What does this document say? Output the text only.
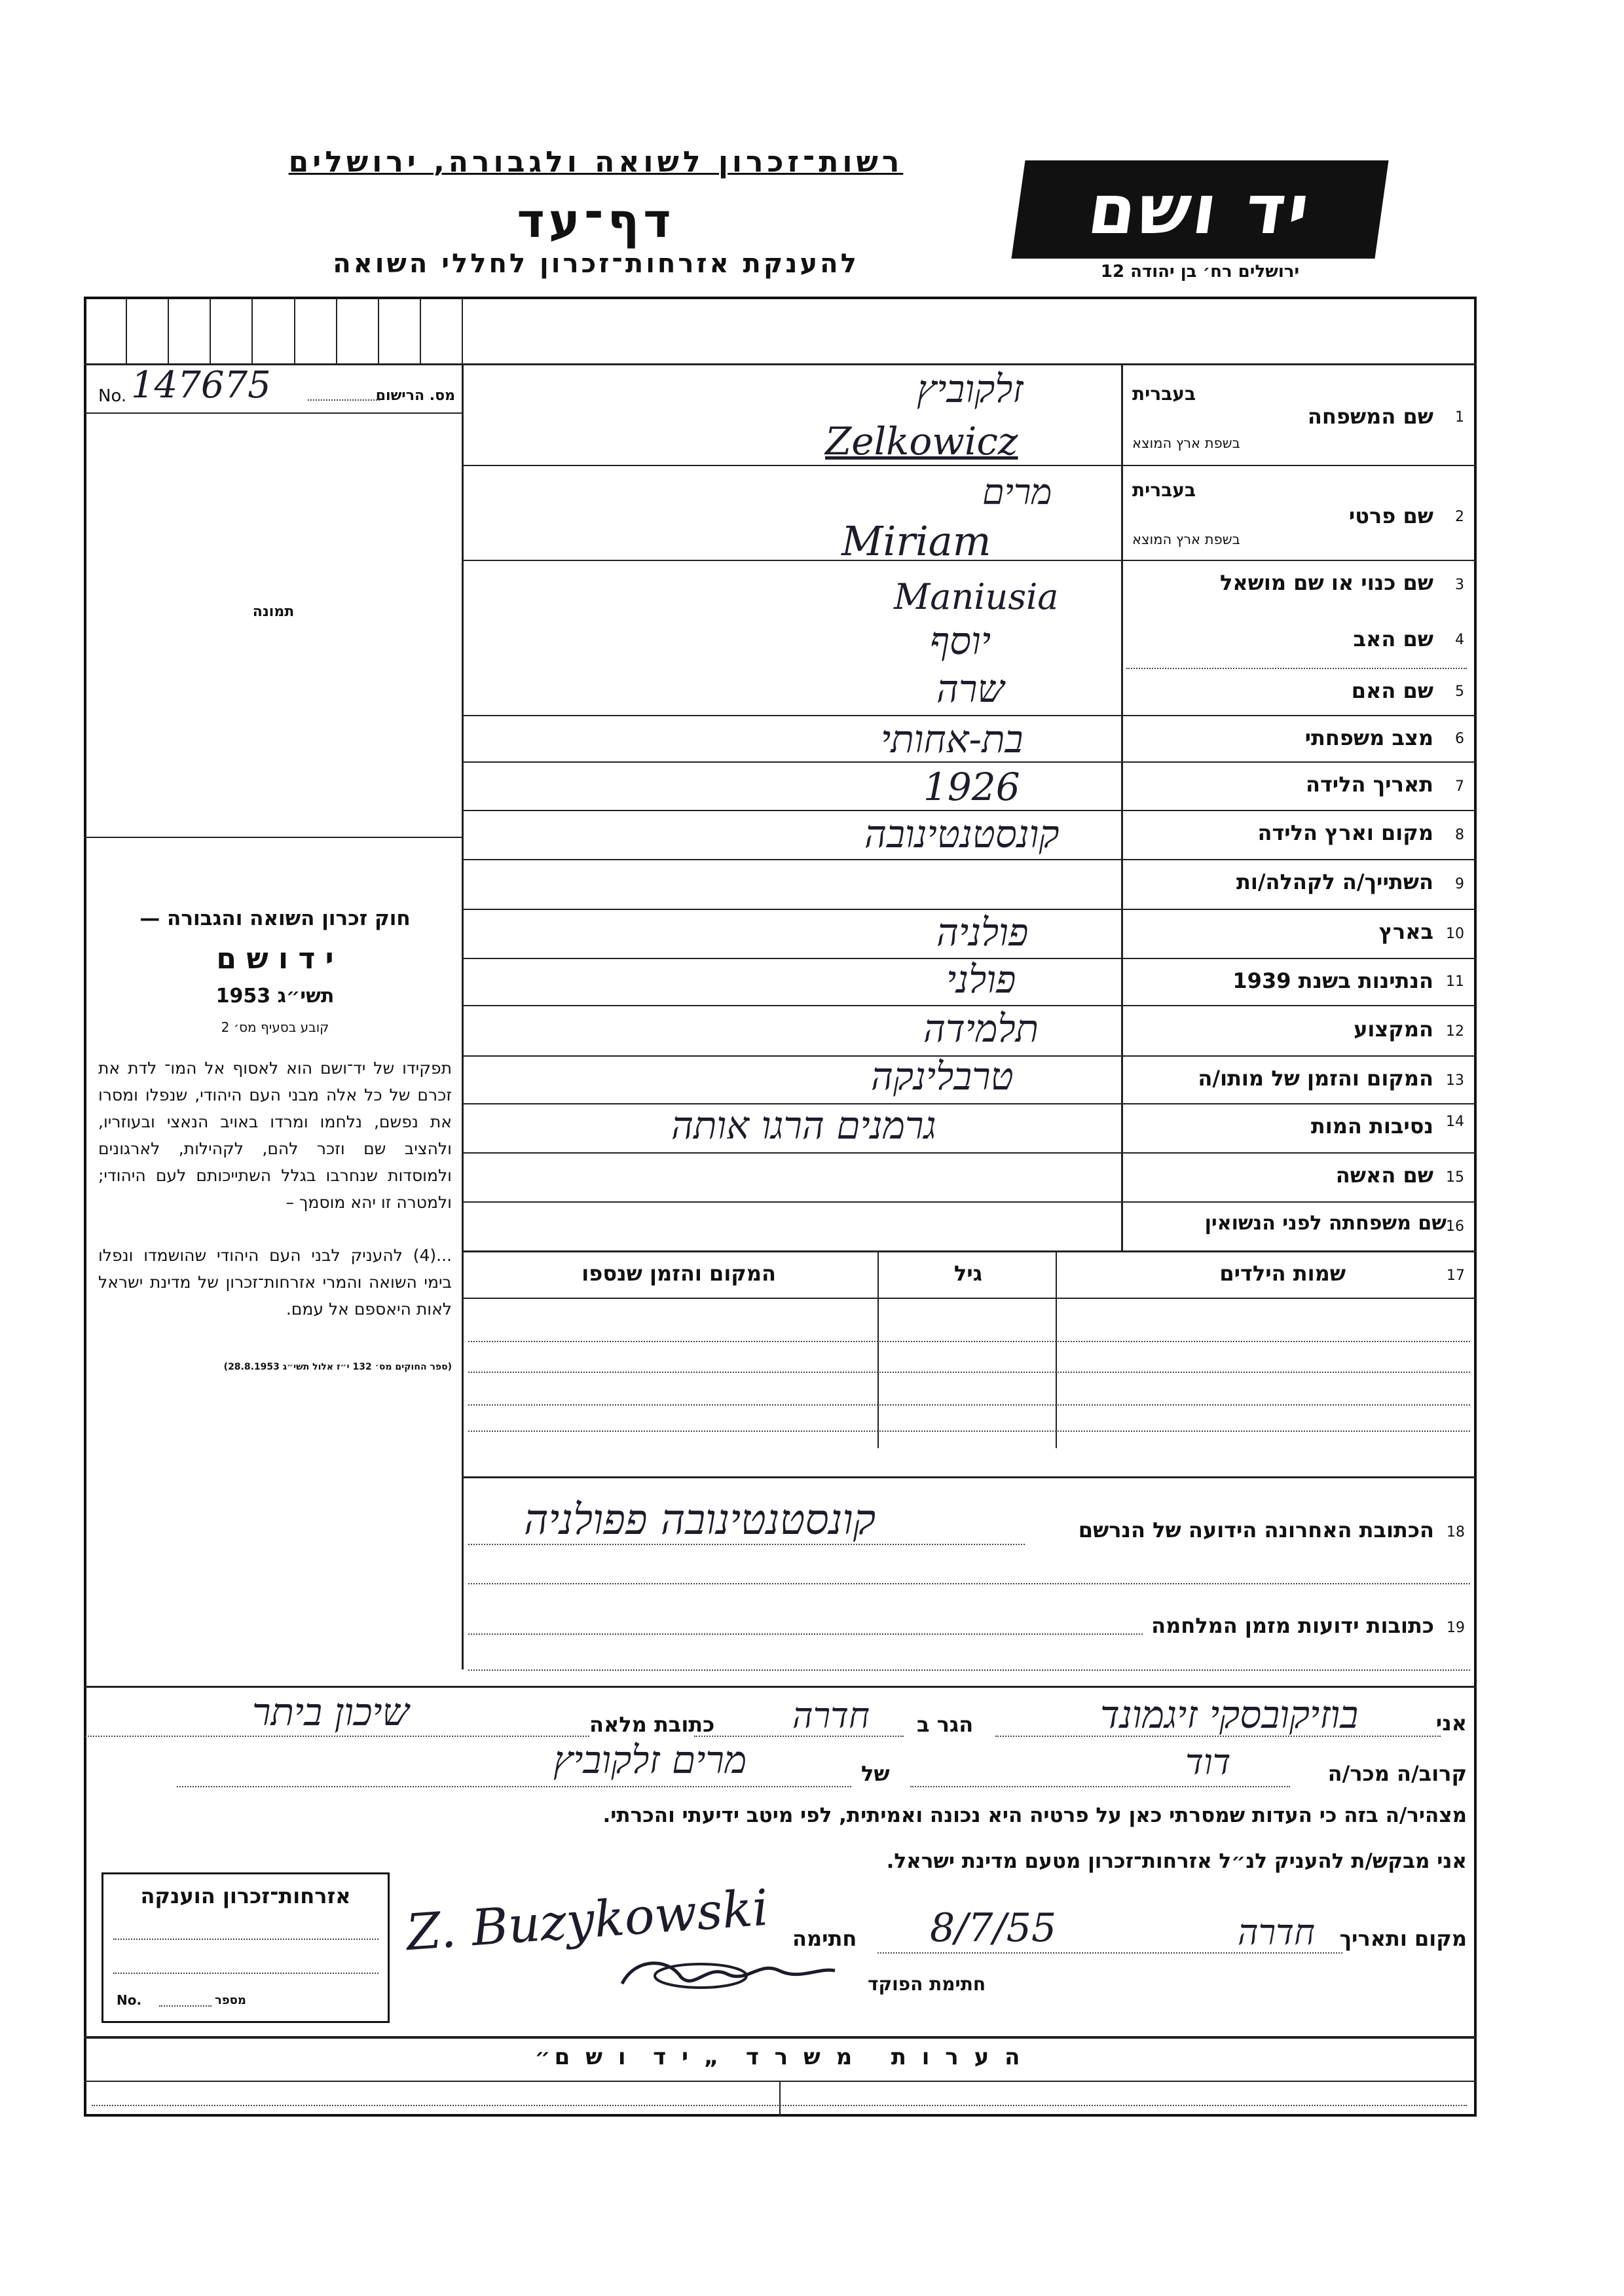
רשות־זכרון לשואה ולגבורה, ירושלים
דף־עד
להענקת אזרחות־זכרון לחללי השואה
יד ושם
ירושלים רח׳ בן יהודה 12
No. 147675	מס. הרישום
תמונה

חוק זכרון השואה והגבורה —

י ד ו ש ם

תשי״ג 1953

קובע בסעיף מס׳ 2

תפקידו של יד־ושם הוא לאסוף אל המו־ לדת את זכרם של כל אלה מבני העם היהודי, שנפלו ומסרו את נפשם, נלחמו ומרדו באויב הנאצי ובעוזריו, ולהציב שם וזכר להם, לקהילות, לארגונים ולמוסדות שנחרבו בגלל השתייכותם לעם היהודי; ולמטרה זו יהא מוסמך –

...(4) להעניק לבני העם היהודי שהושמדו ונפלו בימי השואה והמרי אזרחות־זכרון של מדינת ישראל לאות היאספם אל עמם.

(ספר החוקים מס׳ 132 י״ז אלול תשי״ג 28.8.1953)

1
שם המשפחה
בעברית
בשפת ארץ המוצא
זלקוביץ
Zelkowicz
2
שם פרטי
בעברית
בשפת ארץ המוצא
מרים
Miriam
3
שם כנוי או שם מושאל
Maniusia
4
שם האב
יוסף
5
שם האם
שרה
6
מצב משפחתי
בת-אחותי
7
תאריך הלידה
1926
8
מקום וארץ הלידה
קונסטנטינובה
9
השתייך/ה לקהלה/ות
10
בארץ
פולניה
11
הנתינות בשנת 1939
פולני
12
המקצוע
תלמידה
13
המקום והזמן של מותו/ה
טרבלינקה
14
נסיבות המות
גרמנים הרגו אותה
15
שם האשה
16
שם משפחתה לפני הנשואין
17
שמות הילדים
גיל
המקום והזמן שנספו
18
הכתובת האחרונה הידועה של הנרשם
קונסטנטינובה פפולניה
19
כתובות ידועות מזמן המלחמה
אני
בוזיקובסקי זיגמונד
הגר ב
חדרה
כתובת מלאה
שיכון ביתר
קרוב/ה מכר/ה
דוד
של
מרים זלקוביץ
מצהיר/ה בזה כי העדות שמסרתי כאן על פרטיה היא נכונה ואמיתית, לפי מיטב ידיעתי והכרתי.
אני מבקש/ת להעניק לנ״ל אזרחות־זכרון מטעם מדינת ישראל.
מקום ותאריך
חדרה
8/7/55
חתימה
Z. Buzykowski
חתימת הפוקד
אזרחות־זכרון הוענקה
מספר
No.
ה ע ר ו ת   מ ש ר ד  „ י ד  ו ש ם״
